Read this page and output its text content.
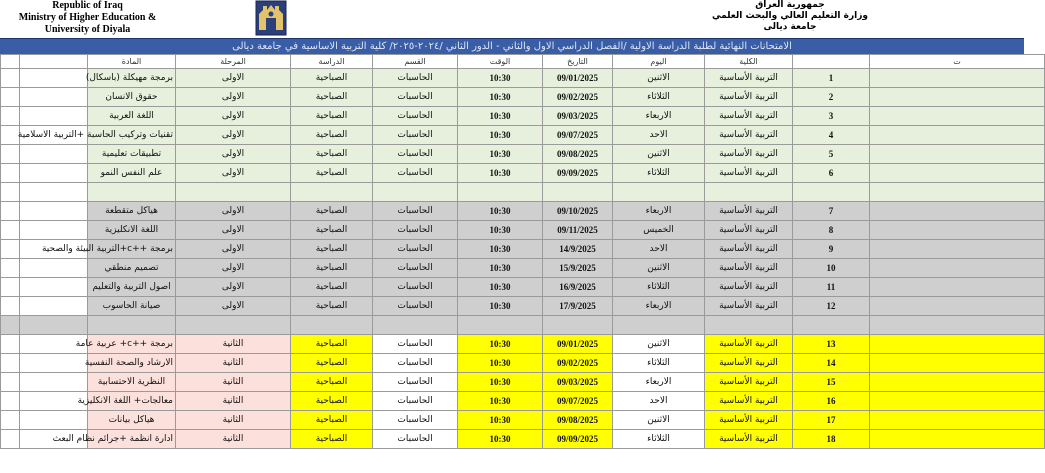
Republic of Iraq
Ministry of Higher Education &
University of Diyala
جمهورية العراق
وزارة التعليم العالي والبحث العلمي
جامعة ديالى
الامتحانات النهائية لطلبة الدراسة الاولية /الفصل الدراسي الاول والثاني - الدور الثاني /٢٠٢٤-٢٠٢٥/ كلية التربية الاساسية في جامعة ديالى
		المادة	المرحلة	الدراسة	القسم	الوقت	التاريخ	اليوم	الكلية		ت
		برمجة مهيكلة (باسكال)	الاولى	الصباحية	الحاسبات	10:30	09/01/2025	الاثنين	التربية الأساسية	1	
		حقوق الانسان	الاولى	الصباحية	الحاسبات	10:30	09/02/2025	الثلاثاء	التربية الأساسية	2	
		اللغة العربية	الاولى	الصباحية	الحاسبات	10:30	09/03/2025	الاربعاء	التربية الأساسية	3	
		تقنيات وتركيب الحاسبة +التربية الاسلامية	الاولى	الصباحية	الحاسبات	10:30	09/07/2025	الاحد	التربية الأساسية	4	
		تطبيقات تعليمية	الاولى	الصباحية	الحاسبات	10:30	09/08/2025	الاثنين	التربية الأساسية	5	
		علم النفس النمو	الاولى	الصباحية	الحاسبات	10:30	09/09/2025	الثلاثاء	التربية الأساسية	6	

		هياكل متقطعة	الاولى	الصباحية	الحاسبات	10:30	09/10/2025	الاربعاء	التربية الأساسية	7	
		اللغة الانكليزية	الاولى	الصباحية	الحاسبات	10:30	09/11/2025	الخميس	التربية الأساسية	8	
		برمجة ++c+التربية البيئة والصحية	الاولى	الصباحية	الحاسبات	10:30	14/9/2025	الاحد	التربية الأساسية	9	
		تصميم منطقي	الاولى	الصباحية	الحاسبات	10:30	15/9/2025	الاثنين	التربية الأساسية	10	
		اصول التربية والتعليم	الاولى	الصباحية	الحاسبات	10:30	16/9/2025	الثلاثاء	التربية الأساسية	11	
		صيانة الحاسوب	الاولى	الصباحية	الحاسبات	10:30	17/9/2025	الاربعاء	التربية الأساسية	12	

		برمجة ++c+ عربية عامة	الثانية	الصباحية	الحاسبات	10:30	09/01/2025	الاثنين	التربية الأساسية	13	
		الارشاد والصحة النفسية	الثانية	الصباحية	الحاسبات	10:30	09/02/2025	الثلاثاء	التربية الأساسية	14	
		النظرية الاحتسابية	الثانية	الصباحية	الحاسبات	10:30	09/03/2025	الاربعاء	التربية الأساسية	15	
		معالجات+ اللغة الانكليزية	الثانية	الصباحية	الحاسبات	10:30	09/07/2025	الاحد	التربية الأساسية	16	
		هياكل بيانات	الثانية	الصباحية	الحاسبات	10:30	09/08/2025	الاثنين	التربية الأساسية	17	
		ادارة انظمة +جرائم نظام البعث	الثانية	الصباحية	الحاسبات	10:30	09/09/2025	الثلاثاء	التربية الأساسية	18	
